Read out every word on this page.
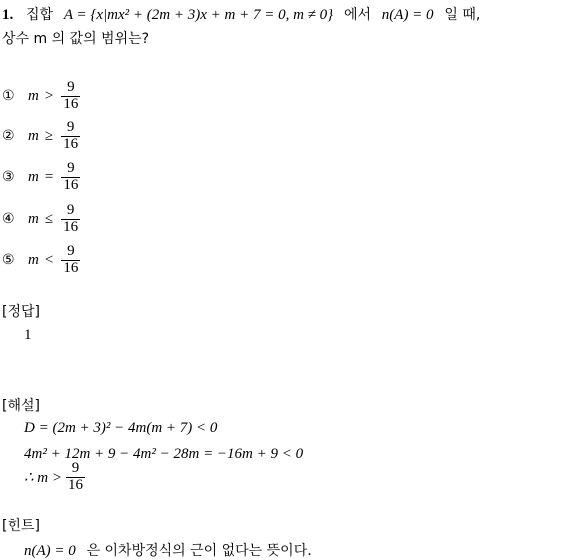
1. 집합 A = {x|mx² + (2m + 3)x + m + 7 = 0, m ≠ 0} 에서 n(A) = 0 일 때,
상수 m 의 값의 범위는?
① $m > \frac{9}{16}$
② $m \ge \frac{9}{16}$
③ $m = \frac{9}{16}$
④ $m \le \frac{9}{16}$
⑤ $m < \frac{9}{16}$
[정답]
1
[해설]
D = (2m + 3)² − 4m(m + 7) < 0
4m² + 12m + 9 − 4m² − 28m = −16m + 9 < 0
∴ $m > \frac{9}{16}$
[힌트]
n(A) = 0 은 이차방정식의 근이 없다는 뜻이다.
